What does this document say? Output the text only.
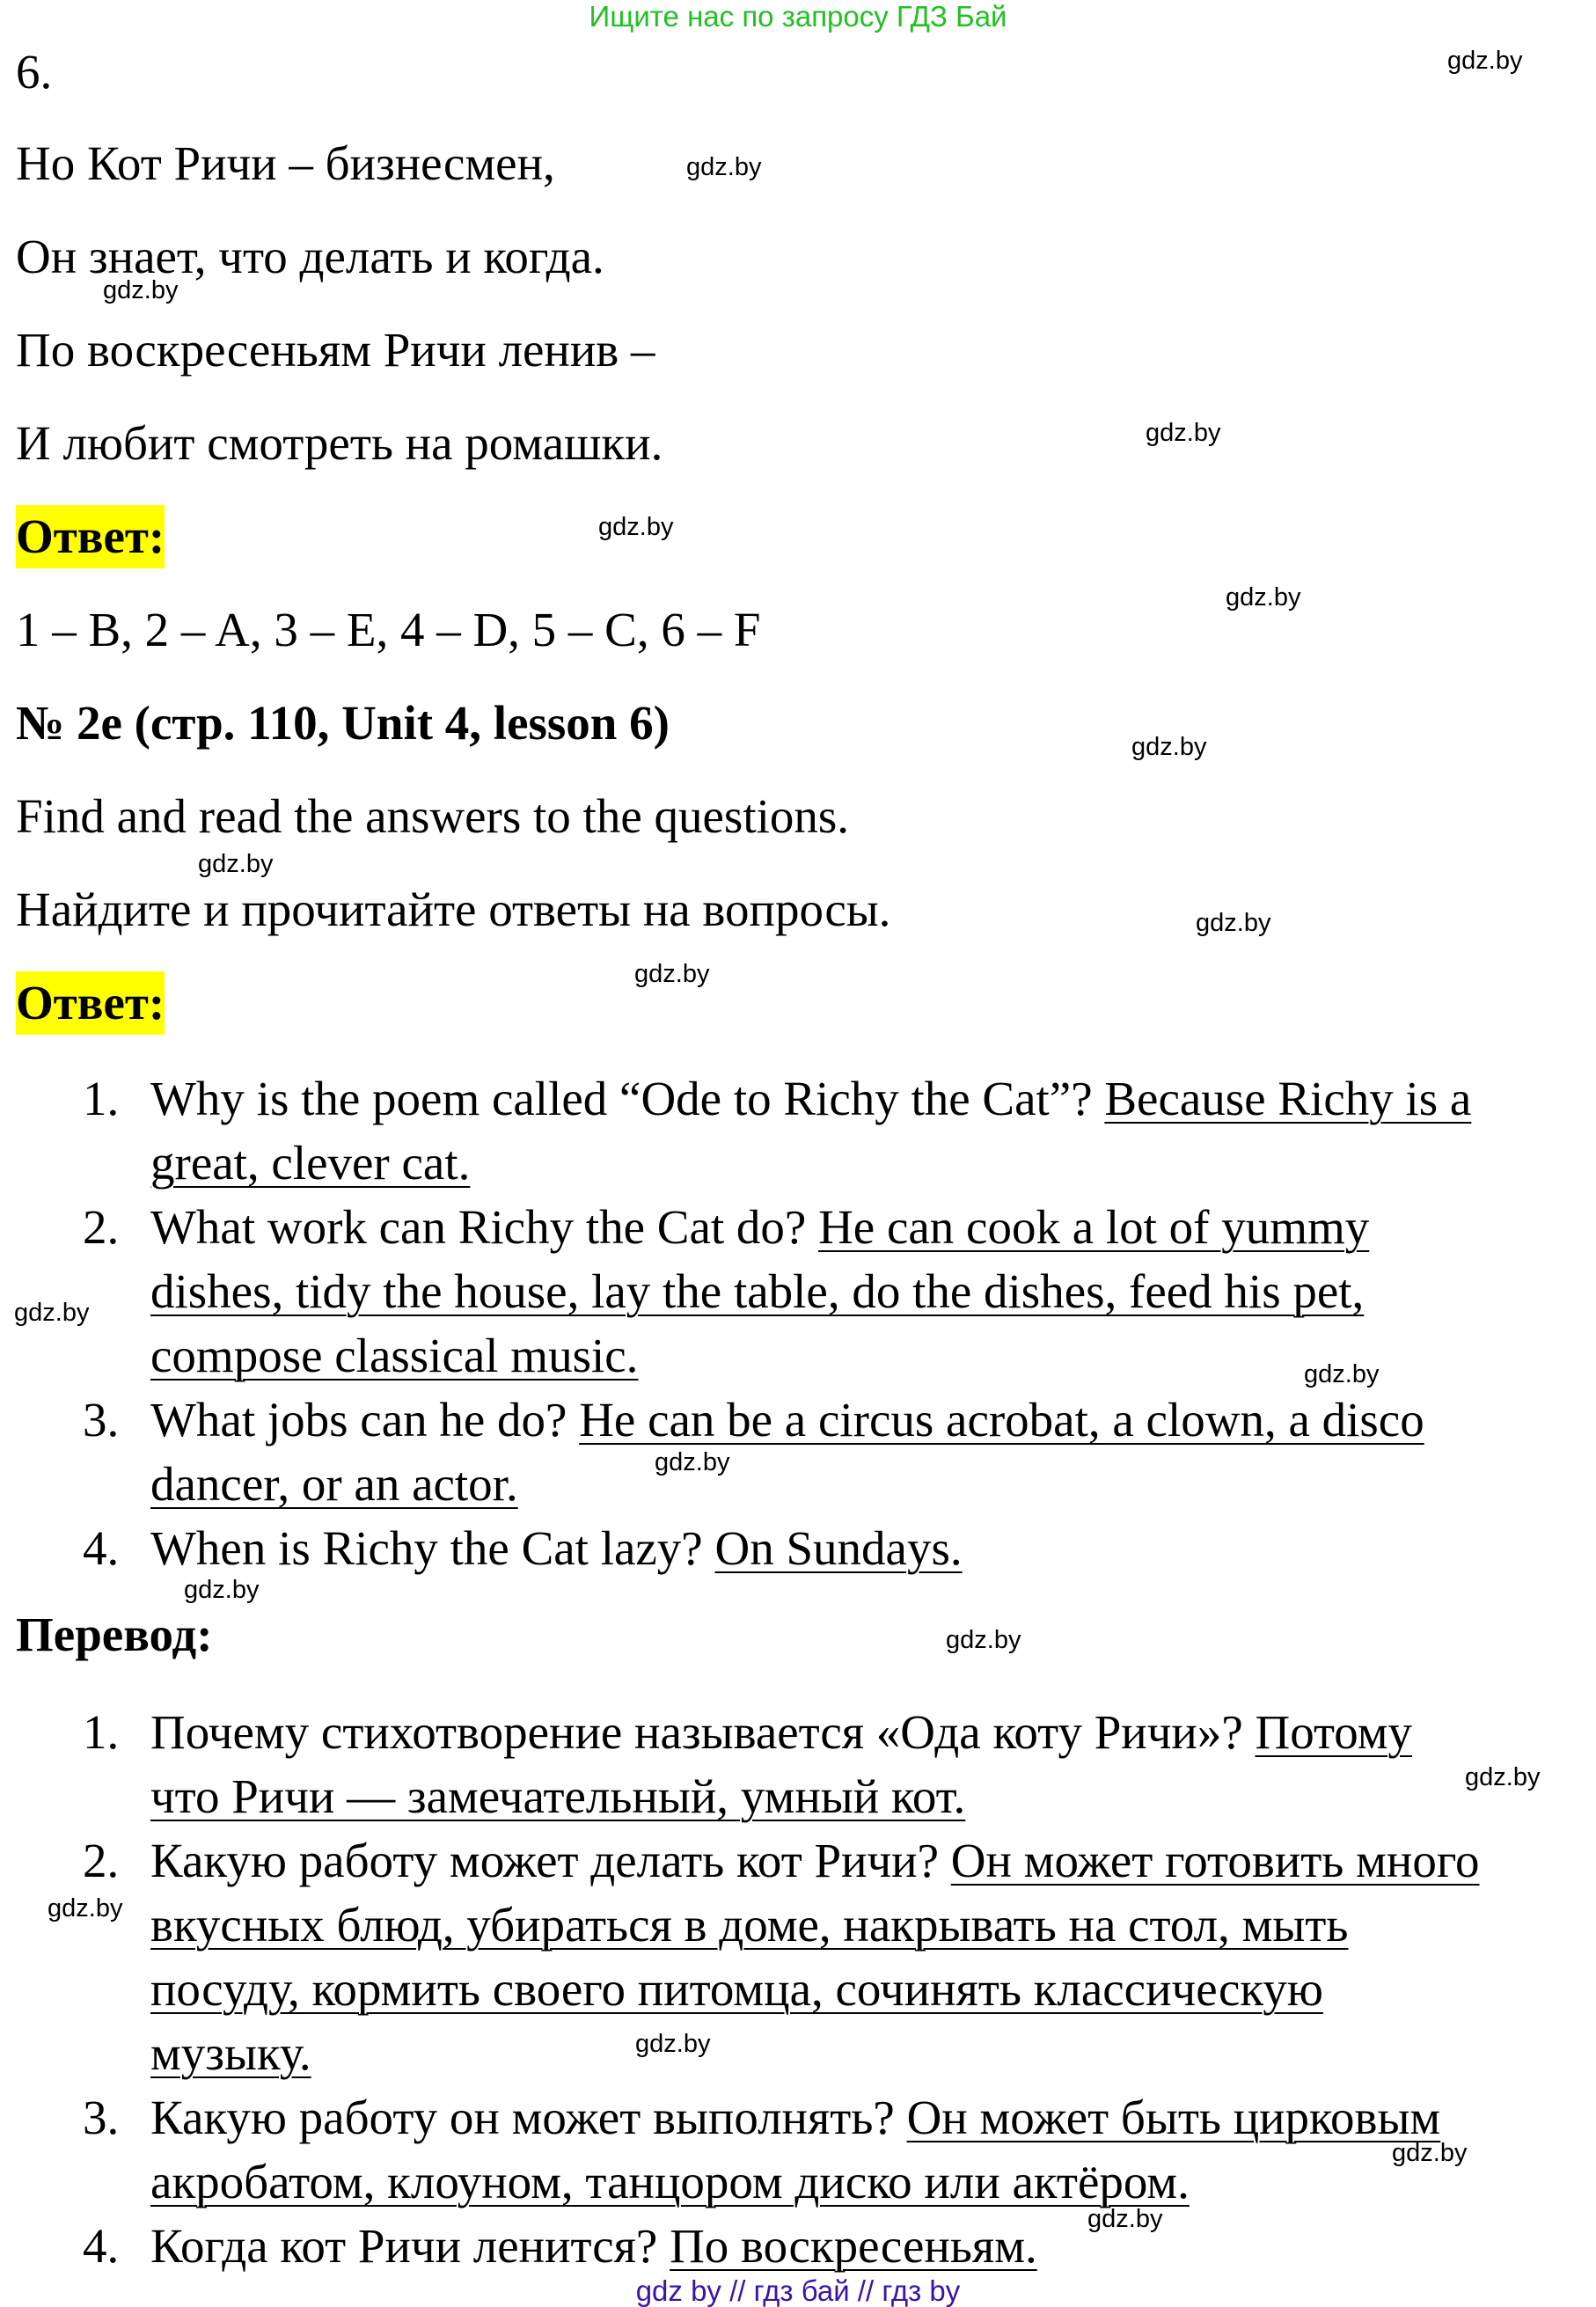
Ищите нас по запросу ГДЗ Бай
6.
Но Кот Ричи – бизнесмен,
Он знает, что делать и когда.
По воскресеньям Ричи ленив –
И любит смотреть на ромашки.
Ответ:
1 – B, 2 – A, 3 – E, 4 – D, 5 – C, 6 – F
№ 2e (стр. 110, Unit 4, lesson 6)
Find and read the answers to the questions.
Найдите и прочитайте ответы на вопросы.
Ответ:
1. Why is the poem called “Ode to Richy the Cat”? Because Richy is a
great, clever cat.
2. What work can Richy the Cat do? He can cook a lot of yummy
dishes, tidy the house, lay the table, do the dishes, feed his pet,
compose classical music.
3. What jobs can he do? He can be a circus acrobat, a clown, a disco
dancer, or an actor.
4. When is Richy the Cat lazy? On Sundays.
Перевод:
1. Почему стихотворение называется «Ода коту Ричи»? Потому
что Ричи — замечательный, умный кот.
2. Какую работу может делать кот Ричи? Он может готовить много
вкусных блюд, убираться в доме, накрывать на стол, мыть
посуду, кормить своего питомца, сочинять классическую
музыку.
3. Какую работу он может выполнять? Он может быть цирковым
акробатом, клоуном, танцором диско или актёром.
4. Когда кот Ричи ленится? По воскресеньям.
gdz.by
gdz.by
gdz.by
gdz.by
gdz.by
gdz.by
gdz.by
gdz.by
gdz.by
gdz.by
gdz.by
gdz.by
gdz.by
gdz.by
gdz.by
gdz.by
gdz.by
gdz.by
gdz.by
gdz.by
gdz by // гдз бай // гдз by
